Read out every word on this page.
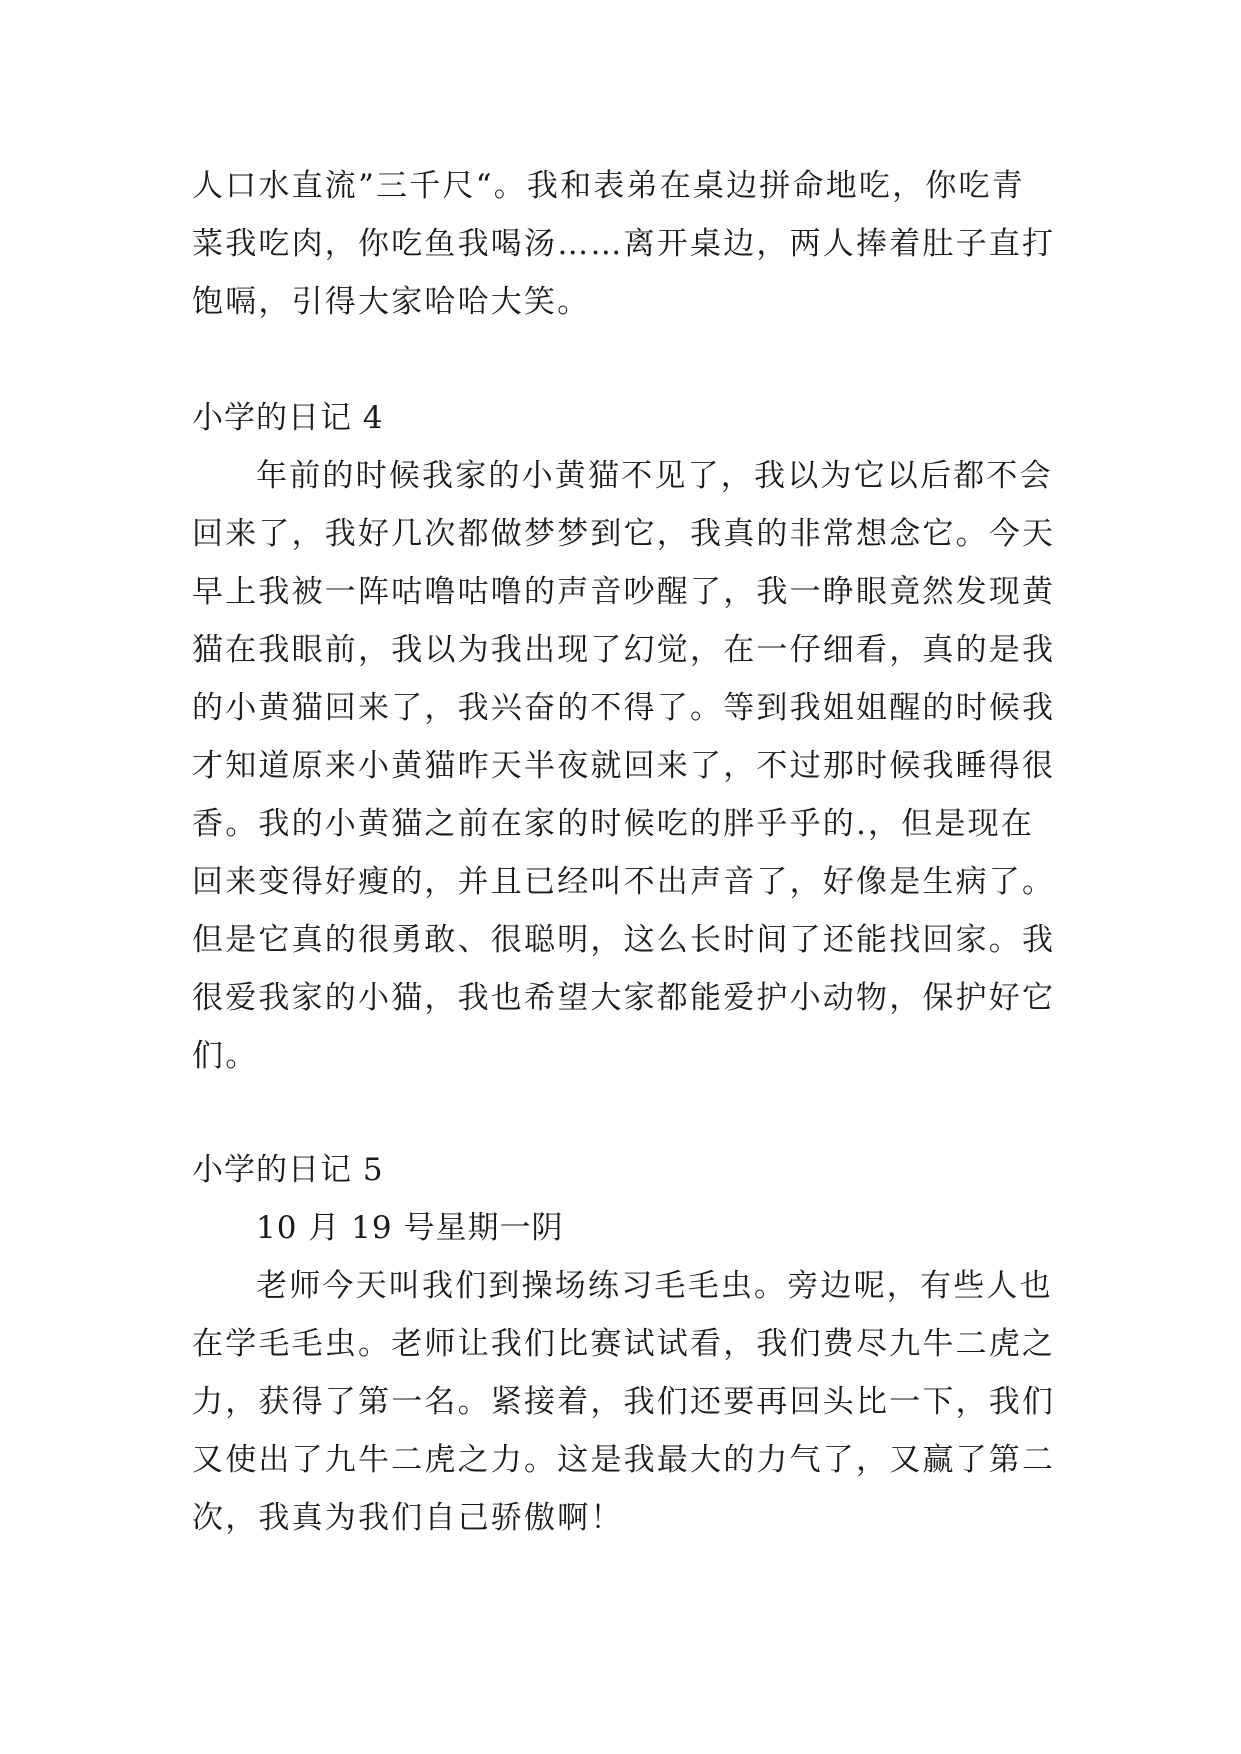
人口水直流”三千尺“。我和表弟在桌边拼命地吃，你吃青
菜我吃肉，你吃鱼我喝汤……离开桌边，两人捧着肚子直打
饱嗝，引得大家哈哈大笑。
小学的日记 4
年前的时候我家的小黄猫不见了，我以为它以后都不会
回来了，我好几次都做梦梦到它，我真的非常想念它。今天
早上我被一阵咕噜咕噜的声音吵醒了，我一睁眼竟然发现黄
猫在我眼前，我以为我出现了幻觉，在一仔细看，真的是我
的小黄猫回来了，我兴奋的不得了。等到我姐姐醒的时候我
才知道原来小黄猫昨天半夜就回来了，不过那时候我睡得很
香。我的小黄猫之前在家的时候吃的胖乎乎的.，但是现在
回来变得好瘦的，并且已经叫不出声音了，好像是生病了。
但是它真的很勇敢、很聪明，这么长时间了还能找回家。我
很爱我家的小猫，我也希望大家都能爱护小动物，保护好它
们。
小学的日记 5
10 月 19 号星期一阴
老师今天叫我们到操场练习毛毛虫。旁边呢，有些人也
在学毛毛虫。老师让我们比赛试试看，我们费尽九牛二虎之
力，获得了第一名。紧接着，我们还要再回头比一下，我们
又使出了九牛二虎之力。这是我最大的力气了，又赢了第二
次，我真为我们自己骄傲啊！
